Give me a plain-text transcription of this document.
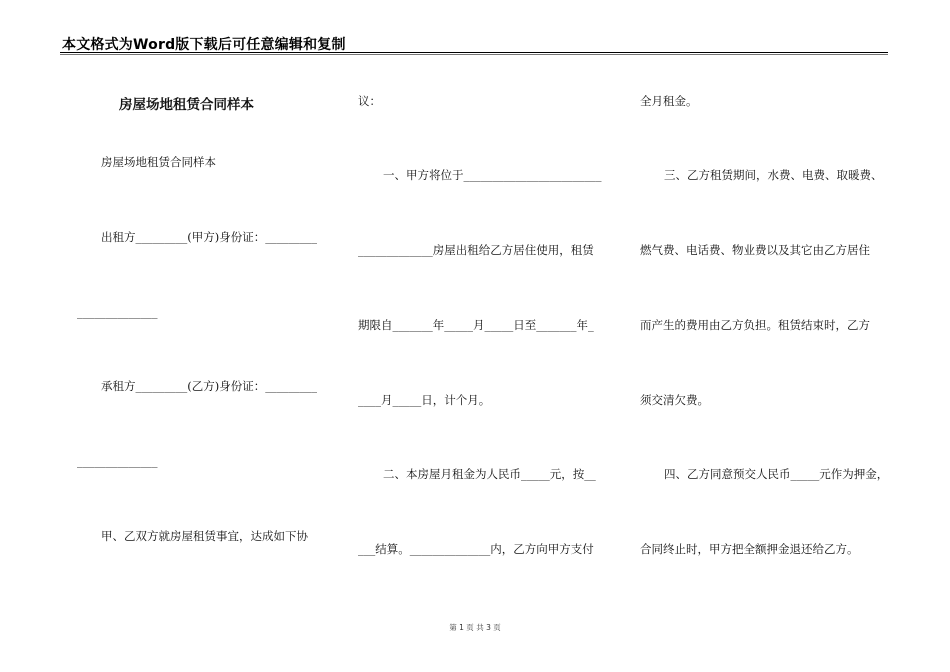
本文格式为Word版下载后可任意编辑和复制
房屋场地租赁合同样本
房屋场地租赁合同样本
出租方_________(甲方)身份证：_________
______________
承租方_________(乙方)身份证：_________
______________
甲、乙双方就房屋租赁事宜，达成如下协
议：
一、甲方将位于________________________
_____________房屋出租给乙方居住使用，租赁
期限自_______年_____月_____日至_______年_
____月_____日，计个月。
二、本房屋月租金为人民币_____元，按__
___结算。______________内，乙方向甲方支付
全月租金。
三、乙方租赁期间，水费、电费、取暖费、
燃气费、电话费、物业费以及其它由乙方居住
而产生的费用由乙方负担。租赁结束时，乙方
须交清欠费。
四、乙方同意预交人民币_____元作为押金，
合同终止时，甲方把全额押金退还给乙方。
第 1 页 共 3 页
